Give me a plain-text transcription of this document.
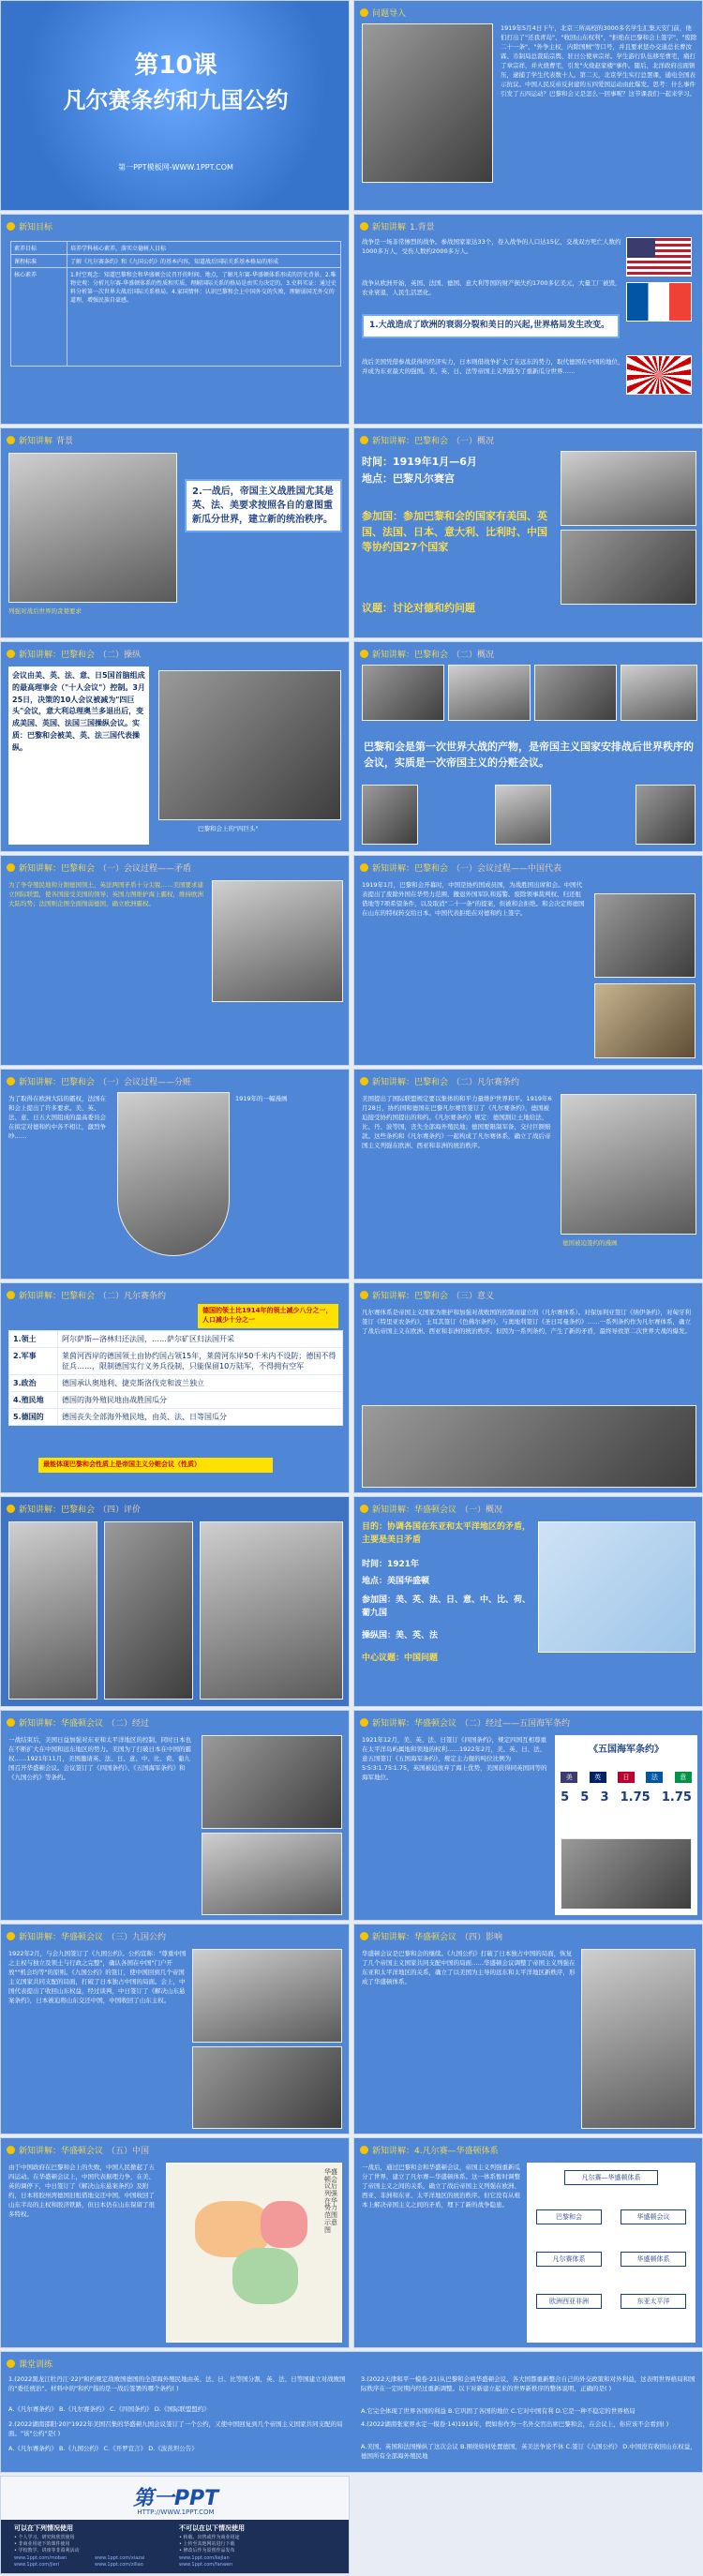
第10课
凡尔赛条约和九国公约
第一PPT模板网-WWW.1PPT.COM
问题导入
1919年5月4日下午，北京三所高校的3000多名学生汇集天安门前，他们打出了"还我青岛"、"收回山东权利"、"拒绝在巴黎和会上签字"、"废除二十一条"、"外争主权，内除国贼"等口号，并且要求惩办交通总长曹汝霖、币制局总裁陆宗舆、驻日公使章宗祥。学生游行队伍移至曹宅，痛打了章宗祥，并火烧曹宅，引发"火烧赵家楼"事件。随后，北洋政府出面镇压，逮捕了学生代表数十人。第二天，北京学生实行总罢课，通电全国表示抗议。中国人民反帝反封建的五四爱国运动由此爆发。思考：什么事件引发了五四运动？巴黎和会又是怎么一回事呢？这节课我们一起来学习。
新知目标
素养目标	培养学科核心素养，落实立德树人目标
课程标准	了解《凡尔赛条约》和《九国公约》的基本内容，知道战后国际关系基本格局的形成
核心素养	1.时空观念：知道巴黎和会和华盛顿会议召开的时间、地点，了解凡尔赛-华盛顿体系形成的历史背景。2.唯物史观：分析凡尔赛-华盛顿体系的性质和实质，理解国际关系的格局是由实力决定的。3.史料实证：通过史料分析第一次世界大战后国际关系格局。4.家国情怀：认识巴黎和会上中国外交的失败，理解弱国无外交的道理，增强民族自豪感。
新知讲解 1.背景
战争是一场非常惨烈的战争。参战国家家达33个，卷入战争的人口达15亿，交战双方死亡人数约1000多万人，受伤人数约2000多万人。
战争从欧洲开始，英国、法国、德国、意大利等国的财产损失约1700多亿美元，大量工厂被毁，农业衰退，人民生活恶化。
1.大战造成了欧洲的衰弱分裂和美日的兴起,世界格局发生改变。
战后美国凭借参战获得的经济实力，日本则借战争扩大了在远东的势力，取代德国在中国的地位，并成为东亚最大的强国。美、英、日、法等帝国主义列强为了重新瓜分世界……
新知讲解 背景
列强对战后世界的贪婪要求
2.一战后，帝国主义战胜国尤其是英、法、美要求按照各自的意图重新瓜分世界，建立新的统治秩序。
新知讲解：巴黎和会 （一）概况
时间：1919年1月—6月
地点：巴黎凡尔赛宫
参加国：参加巴黎和会的国家有美国、英国、法国、日本、意大利、比利时、中国等协约国27个国家
议题：讨论对德和约问题
新知讲解：巴黎和会 （二）操纵
会议由美、英、法、意、日5国首脑组成的最高理事会（"十人会议"）控制。3月25日，决策的10人会议被减为"四巨头"会议，意大利总理奥兰多退出后，变成美国、英国、法国三国操纵会议。实质：巴黎和会被美、英、法三国代表操纵。
巴黎和会上的"四巨头"
新知讲解：巴黎和会 （二）概况
巴黎和会是第一次世界大战的产物，是帝国主义国家安排战后世界秩序的会议，实质是一次帝国主义的分赃会议。
新知讲解：巴黎和会 （一）会议过程——矛盾
为了争夺殖民地和分割德国领土，英法两国矛盾十分尖锐……美国要求建立国际联盟，使各国接受美国的领导；英国力图维护海上霸权，维持欧洲大陆均势；法国则企图全面削弱德国，确立欧洲霸权。
新知讲解：巴黎和会 （一）会议过程——中国代表
1919年1月，巴黎和会开幕时，中国是协约国成员国，为战胜国出席和会。中国代表提出了废除外国在华势力范围、撤退外国军队和巡警、废除领事裁判权、归还租借地等7项希望条件，以及取消"二十一条"的提案，但被和会拒绝。和会决定将德国在山东的特权转交给日本。中国代表拒绝在对德和约上签字。
新知讲解：巴黎和会 （一）会议过程——分赃
为了取得在欧洲大陆的霸权，法国在和会上提出了许多要求。美、英、法、意、日五大国组成的最高委员会在拟定对德和约中各不相让，激烈争吵……
1919年的一幅漫画
新知讲解：巴黎和会 （二）凡尔赛条约
美国提出了国际联盟规定要以集体的和平力量维护世界和平。1919年6月28日，协约国和德国在巴黎凡尔赛宫签订了《凡尔赛条约》，德国被迫接受协约国提出的和约。《凡尔赛条约》规定：德国割让土地给法、比、丹、波等国，丧失全部海外殖民地；德国要限制军备，交付巨额赔款。这些条约和《凡尔赛条约》一起构成了凡尔赛体系，确立了战后帝国主义列强在欧洲、西亚和非洲的统治秩序。
德国被迫签约的漫画
新知讲解：巴黎和会 （二）凡尔赛条约
德国的领土比1914年的领土减少八分之一，人口减少十分之一
1.领土	阿尔萨斯—洛林归还法国，……萨尔矿区归法国开采
2.军事	莱茵河西岸的德国领土由协约国占领15年，莱茵河东岸50千米内不设防；德国不得征兵……，限制德国实行义务兵役制，只能保留10万陆军，不得拥有空军
3.政治	德国承认奥地利、捷克斯洛伐克和波兰独立
4.殖民地	德国的海外殖民地由战胜国瓜分
5.德国的	德国丧失全部海外殖民地，由英、法、日等国瓜分
最能体现巴黎和会性质上是帝国主义分赃会议（性质）
新知讲解：巴黎和会 （三）意义
凡尔赛体系是帝国主义国家为维护和加强对战败国的控制而建立的（凡尔赛体系）。对保加利亚签订《纳伊条约》，对匈牙利签订《特里亚农条约》，土耳其签订《色佛尔条约》，与奥地利签订《圣日耳曼条约》……一系列条约作为凡尔赛体系，确立了战后帝国主义在欧洲、西亚和非洲的统治秩序。但因为一系列条约，产生了新的矛盾，最终导致第二次世界大战的爆发。
新知讲解：巴黎和会 （四）评价	新知讲解：华盛顿会议 （一）概况
目的：协调各国在东亚和太平洋地区的矛盾，主要是美日矛盾
时间：1921年
地点：美国华盛顿
参加国：美、英、法、日、意、中、比、荷、葡九国
操纵国：美、英、法
中心议题：中国问题
新知讲解：华盛顿会议 （二）经过
一战结束后，美国日益加强对东亚和太平洋地区的控制，同时日本也在不断扩大在中国和远东地区的势力。美国为了打破日本在中国的霸权……1921年11月，美国邀请英、法、日、意、中、比、荷、葡九国召开华盛顿会议。会议签订了《四国条约》、《五国海军条约》和《九国公约》等条约。
新知讲解：华盛顿会议 （二）经过——五国海军条约
1921年12月，美、英、法、日签订《四国条约》，规定四国互相尊重在太平洋岛屿属地和领地的权利……1922年2月，美、英、日、法、意五国签订《五国海军条约》，规定主力舰的吨位比例为5∶5∶3∶1.75∶1.75，英国被迫放弃了海上优势，美国获得同英国同等的海军地位。
《五国海军条约》
美	英	日	法	意
5 5 3 1.75 1.75
新知讲解：华盛顿会议 （三）九国公约
1922年2月，与会九国签订了《九国公约》。公约宣称："尊重中国之主权与独立及领土与行政之完整"，确认各国在中国"门户开放""机会均等"的原则。《九国公约》的签订，使中国回到几个帝国主义国家共同支配的局面，打破了日本独占中国的局面。会上，中国代表提出了收回山东权益，经过谈判，中日签订了《解决山东悬案条约》，日本被迫将山东交还中国，中国收回了山东主权。
新知讲解：华盛顿会议 （四）影响
华盛顿会议是巴黎和会的继续。《九国公约》打破了日本独占中国的局面，恢复了几个帝国主义国家共同支配中国的局面……华盛顿会议调整了帝国主义列强在东亚和太平洋地区的关系，确立了以美国为主导的远东和太平洋地区新秩序，形成了华盛顿体系。
新知讲解：华盛顿会议 （五）中国
由于中国政府在巴黎和会上的失败，中国人民掀起了五四运动。在华盛顿会议上，中国代表据理力争，在美、英的调停下，中日签订了《解决山东悬案条约》及附约，日本将胶州湾德国旧租借地交还中国，中国收回了山东半岛的主权和胶济铁路，但日本仍在山东保留了很多特权。
华盛顿会议后列强在华势力范围示意图
新知讲解：4.凡尔赛—华盛顿体系
一战后，通过巴黎和会和华盛顿会议，帝国主义列强重新瓜分了世界，建立了凡尔赛—华盛顿体系。这一体系暂时调整了帝国主义之间的关系，确立了战后帝国主义列强在欧洲、西亚、非洲和东亚、太平洋地区的统治秩序。但它没有从根本上解决帝国主义之间的矛盾，埋下了新的战争隐患。
凡尔赛—华盛顿体系
巴黎和会	华盛顿会议
凡尔赛体系	华盛顿体系
欧洲西亚非洲	东亚太平洋
课堂训练
1.(2022黑龙江牡丹江·22)"和约规定战败国德国的全部海外殖民地由英、法、日、比等国分割，英、法、日等国建立对战败国的"委任统治"。材料中的"和约"指的是一战后签署的哪个条约( )
A.《凡尔赛条约》 B.《凡尔赛条约》 C.《四国条约》 D.《国际联盟盟约》
2.(2022湖南邵阳·20)"1922年美国召集的华盛顿九国会议签订了一个公约，又使中国回复到几个帝国主义国家共同支配的局面。"该"公约"是( )
A.《凡尔赛条约》 B.《九国公约》 C.《开罗宣言》 D.《波茨坦公告》
3.(2022天津和平一模卷·21)从巴黎和会到华盛顿会议，各大国都重新整合自己的外交政策和对外利益，这表明世界格局和国际秩序在一定时期内经过重新调整。以下对新建立起来的世界新秩序的整体说明，正确的是( )
A.它完全体现了世界各国的利益 B.它巩固了各国的地位 C.它对中国有利 D.它是一种不稳定的世界格局
4.(2022湖南张家界永定一模卷·14)1919年，假如你作为一名外交官出席巴黎和会，在会议上，你应该不会看到( )
A.美国、英国和法国操纵了这次会议 B.围绕如何处置德国，英美法争论不休 C.签订《九国公约》 D.中国没有收回山东权益，德国所有全部海外殖民地
第一PPT
HTTP://WWW.1PPT.COM
可以在下列情况使用	不可以在以下情况使用
• 个人学习、研究和欣赏使用
• 非商业用途下的课件使用
• 学校教学、讲座等非盈利活动
• 转载、出售或作为商业用途
• 上传至其他网站进行下载
• 修改后作为原创作品发布
www.1ppt.com/moban
www.1ppt.com/jieri
www.1ppt.com/xiazai
www.1ppt.com/ziliao
www.1ppt.com/kejian
www.1ppt.com/fanwen
